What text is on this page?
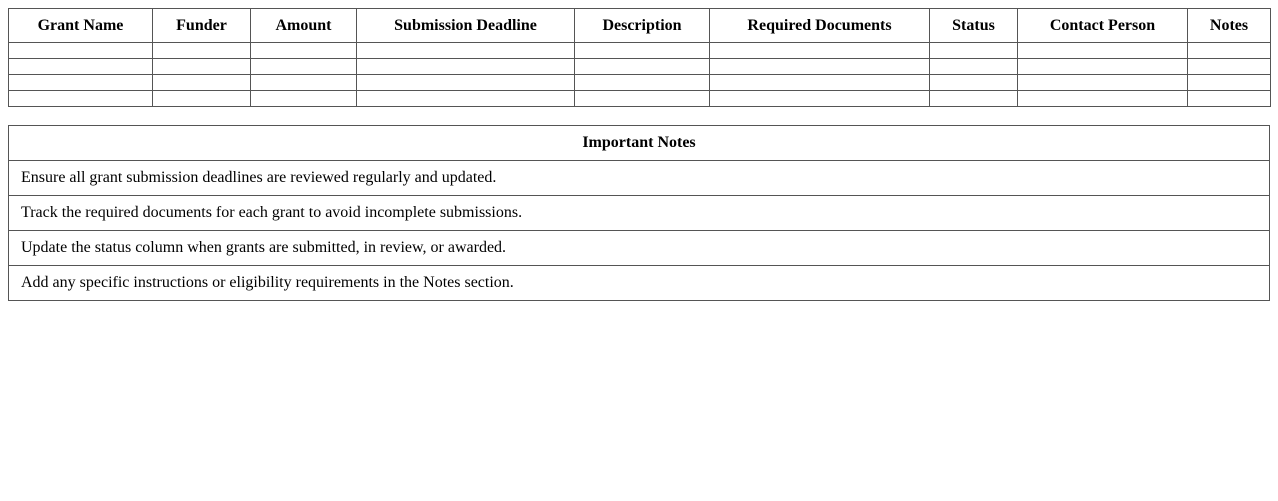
Grant Name	Funder	Amount	Submission Deadline	Description	Required Documents	Status	Contact Person	Notes

Important Notes
Ensure all grant submission deadlines are reviewed regularly and updated.
Track the required documents for each grant to avoid incomplete submissions.
Update the status column when grants are submitted, in review, or awarded.
Add any specific instructions or eligibility requirements in the Notes section.
